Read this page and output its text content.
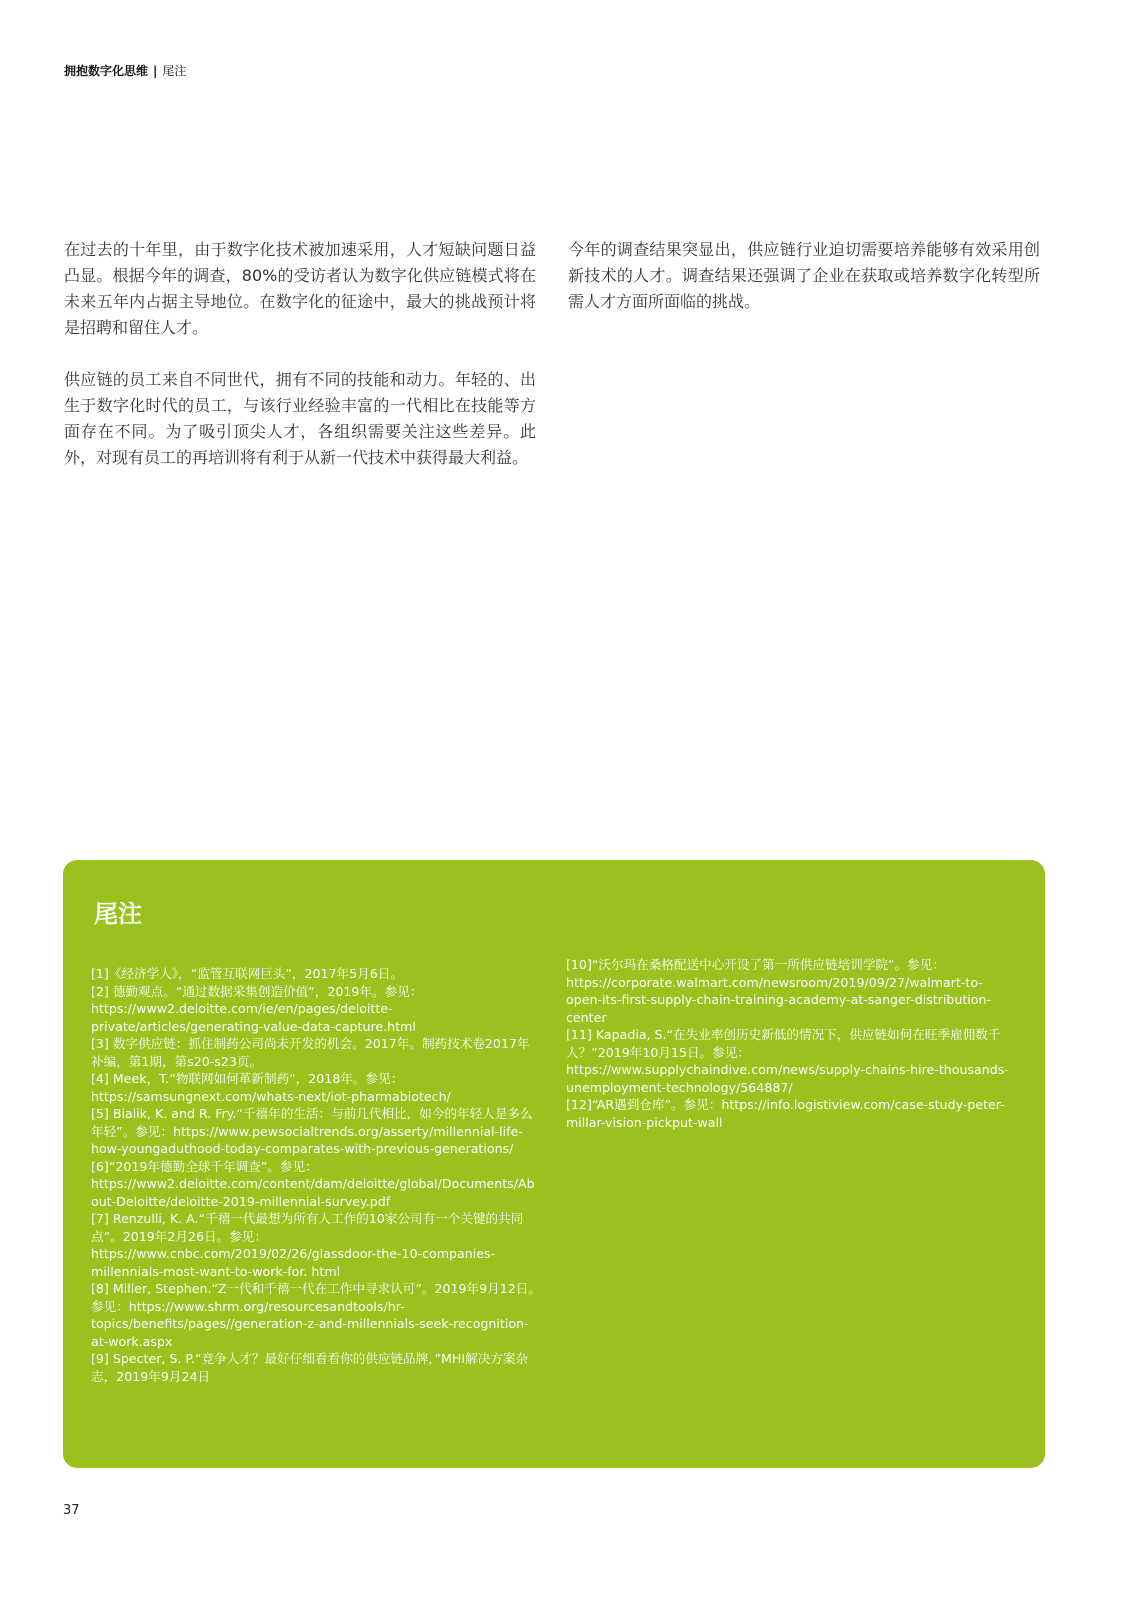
拥抱数字化思维 | 尾注

在过去的十年里，由于数字化技术被加速采用，人才短缺问题日益凸显。根据今年的调查，80%的受访者认为数字化供应链模式将在未来五年内占据主导地位。在数字化的征途中，最大的挑战预计将是招聘和留住人才。

供应链的员工来自不同世代，拥有不同的技能和动力。年轻的、出生于数字化时代的员工，与该行业经验丰富的一代相比在技能等方面存在不同。为了吸引顶尖人才，各组织需要关注这些差异。此外，对现有员工的再培训将有利于从新一代技术中获得最大利益。

今年的调查结果突显出，供应链行业迫切需要培养能够有效采用创新技术的人才。调查结果还强调了企业在获取或培养数字化转型所需人才方面所面临的挑战。

尾注

[1]《经济学人》，“监管互联网巨头”，2017年5月6日。

[2] 德勤观点。“通过数据采集创造价值”，2019年。参见：https://www2.deloitte.com/ie/en/pages/deloitte-private/articles/generating-value-data-capture.html

[3] 数字供应链：抓住制药公司尚未开发的机会。2017年。制药技术卷2017年补编，第1期，第s20-s23页。

[4] Meek，T.“物联网如何革新制药”，2018年。参见：https://samsungnext.com/whats-next/iot-pharmabiotech/

[5] Bialik, K. and R. Fry.“千禧年的生活：与前几代相比，如今的年轻人是多么年轻”。参见：https://www.pewsocialtrends.org/asserty/millennial-life-how-youngaduthood-today-comparates-with-previous-generations/

[6]“2019年德勤全球千年调查”。参见：https://www2.deloitte.com/content/dam/deloitte/global/Documents/About-Deloitte/deloitte-2019-millennial-survey.pdf

[7] Renzulli, K. A.“千禧一代最想为所有人工作的10家公司有一个关键的共同点”。2019年2月26日。参见：https://www.cnbc.com/2019/02/26/glassdoor-the-10-companies-millennials-most-want-to-work-for. html

[8] Miller, Stephen.“Z一代和千禧一代在工作中寻求认可”。2019年9月12日。参见：https://www.shrm.org/resourcesandtools/hr-topics/benefits/pages//generation-z-and-millennials-seek-recognition-at-work.aspx

[9] Specter, S. P.“竞争人才？最好仔细看看你的供应链品牌，”MHI解决方案杂志，2019年9月24日

[10]“沃尔玛在桑格配送中心开设了第一所供应链培训学院”。参见：https://corporate.walmart.com/newsroom/2019/09/27/walmart-to-open-its-first-supply-chain-training-academy-at-sanger-distribution-center

[11] Kapadia, S.“在失业率创历史新低的情况下，供应链如何在旺季雇佣数千人？”2019年10月15日。参见：https://www.supplychaindive.com/news/supply-chains-hire-thousands-unemployment-technology/564887/

[12]“AR遇到仓库”。参见：https://info.logistiview.com/case-study-peter-millar-vision-pickput-wall

37
